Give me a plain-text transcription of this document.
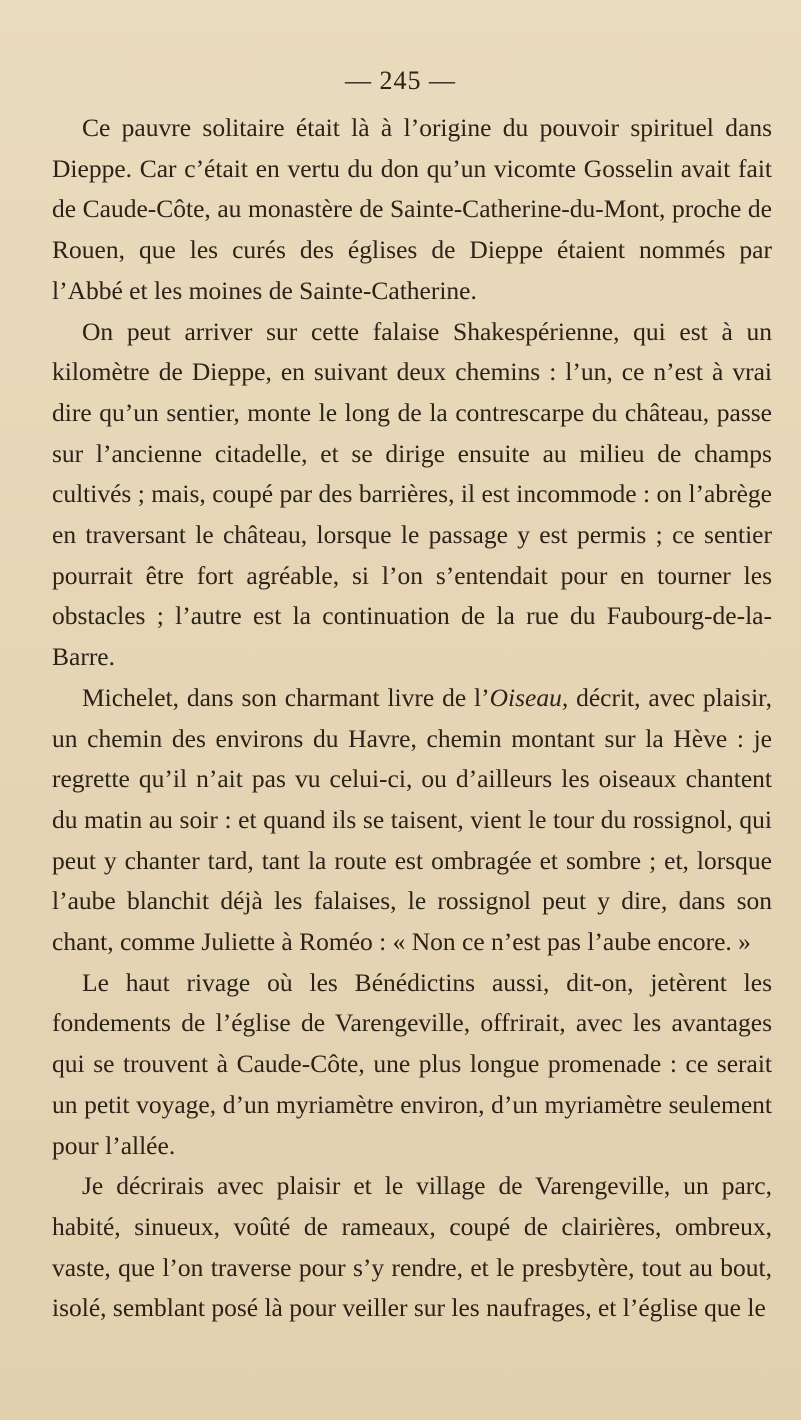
— 245 —

Ce pauvre solitaire était là à l’origine du pouvoir spirituel dans Dieppe. Car c’était en vertu du don qu’un vicomte Gosselin avait fait de Caude-Côte, au monastère de Sainte-Catherine-du-Mont, proche de Rouen, que les curés des églises de Dieppe étaient nommés par l’Abbé et les moines de Sainte-Catherine.

On peut arriver sur cette falaise Shakespérienne, qui est à un kilomètre de Dieppe, en suivant deux chemins : l’un, ce n’est à vrai dire qu’un sentier, monte le long de la contrescarpe du château, passe sur l’ancienne citadelle, et se dirige ensuite au milieu de champs cultivés ; mais, coupé par des barrières, il est incommode : on l’abrège en traversant le château, lorsque le passage y est permis ; ce sentier pourrait être fort agréable, si l’on s’entendait pour en tourner les obstacles ; l’autre est la continuation de la rue du Faubourg-de-la-Barre.

Michelet, dans son charmant livre de l’Oiseau, décrit, avec plaisir, un chemin des environs du Havre, chemin montant sur la Hève : je regrette qu’il n’ait pas vu celui-ci, ou d’ailleurs les oiseaux chantent du matin au soir : et quand ils se taisent, vient le tour du rossignol, qui peut y chanter tard, tant la route est ombragée et sombre ; et, lorsque l’aube blanchit déjà les falaises, le rossignol peut y dire, dans son chant, comme Juliette à Roméo : « Non ce n’est pas l’aube encore. »

Le haut rivage où les Bénédictins aussi, dit-on, jetèrent les fondements de l’église de Varengeville, offrirait, avec les avantages qui se trouvent à Caude-Côte, une plus longue promenade : ce serait un petit voyage, d’un myriamètre environ, d’un myriamètre seulement pour l’allée.

Je décrirais avec plaisir et le village de Varengeville, un parc, habité, sinueux, voûté de rameaux, coupé de clairières, ombreux, vaste, que l’on traverse pour s’y rendre, et le presbytère, tout au bout, isolé, semblant posé là pour veiller sur les naufrages, et l’église que le
